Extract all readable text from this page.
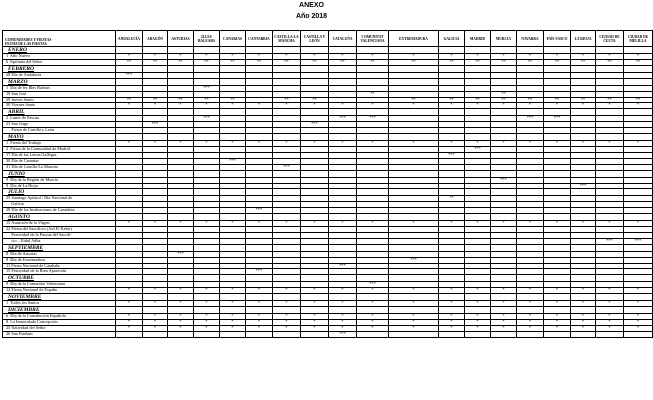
ANEXO
Año 2018
COMUNIDADES Y FIESTAS
FECHA DE LAS FIESTAS	ANDALUCÍA	ARAGÓN	ASTURIAS	ILLES BALEARS	CANARIAS	CANTABRIA	CASTILLA-LA MANCHA	CASTILLA Y LEÓN	CATALUÑA	COMUNITAT VALENCIANA	EXTREMADURA	GALICIA	MADRID	MURCIA	NAVARRA	PAÍS VASCO	LA RIOJA	CIUDAD DE CEUTA	CIUDAD DE MELILLA
ENERO																			
1  Año Nuevo	*	*	*	*	*	*	*	*	*	*	*	*	*	*	*	*	*	*	*
6  Epifanía del Señor	**	**	**	**	**	**	**	**	**	**	**	**	**	**	**	**	**	**	**
FEBRERO																			
28 Día de Andalucía	***																		
MARZO																			
1  Día de les Illes Balears				***															
19 San José										**				**					
29 Jueves Santo	**	**	**	**	**		**	**			**	**	**	**	**	**	**	**	**
30 Viernes Santo	*	*	*	*	*	*	*	*	*	*	*	*	*	*	*	*	*	*	*
ABRIL																			
2  Lunes de Pascua				***					***	***					***	***			
23 San Jorge		***						***											
Fiesta de Castilla y León																			
MAYO																			
1  Fiesta del Trabajo	*	*	*	*	*	*	*	*	*	*	*	*	*	*	*	*	*	*	*
2  Fiesta de la Comunidad de Madrid													***						
17 Día de las Letras Gallegas												***							
30 Día de Canarias					***														
31 Día de Castilla-La Mancha							***												
JUNIO																			
9  Día de la Región de Murcia														***					
9  Día de La Rioja																	***		
JULIO																			
25 Santiago Apóstol / Día Nacional de												**							
Galicia																			
28 Día de las Instituciones de Cantabria						***													
AGOSTO																			
15 Asunción de la Virgen	*	*	*	*	*	*	*	*	*	*	*	*	*	*	*	*	*	*	*
22 Fiesta del Sacrificio (Aid El Kebir)																			
Festividad de la Pascua del Sacrifi-																			
cio – Eidul Adha																		***	***
SEPTIEMBRE																			
8  Día de Asturias			***																
8  Día de Extremadura											***								
11 Fiesta Nacional de Cataluña									***										
15 Festividad de la Bien Aparecida						***													
OCTUBRE																			
9  Día de la Comunitat Valenciana										***									
12 Fiesta Nacional de España	*	*	*	*	*	*	*	*	*	*	*	*	*	*	*	*	*	*	*
NOVIEMBRE																			
1  Todos los Santos	*	*	*	*	*	*	*	*	*	*	*	*	*	*	*	*	*	*	*
DICIEMBRE																			
6  Día de la Constitución Española	*	*	*	*	*	*	*	*	*	*	*	*	*	*	*	*	*	*	*
8  La Inmaculada Concepción	*	*	*	*	*	*	*	*	*	*	*	*	*	*	*	*	*	*	*
25 Natividad del Señor	*	*	*	*	*	*	*	*	*	*	*	*	*	*	*	*	*	*	*
26 San Esteban									***										
